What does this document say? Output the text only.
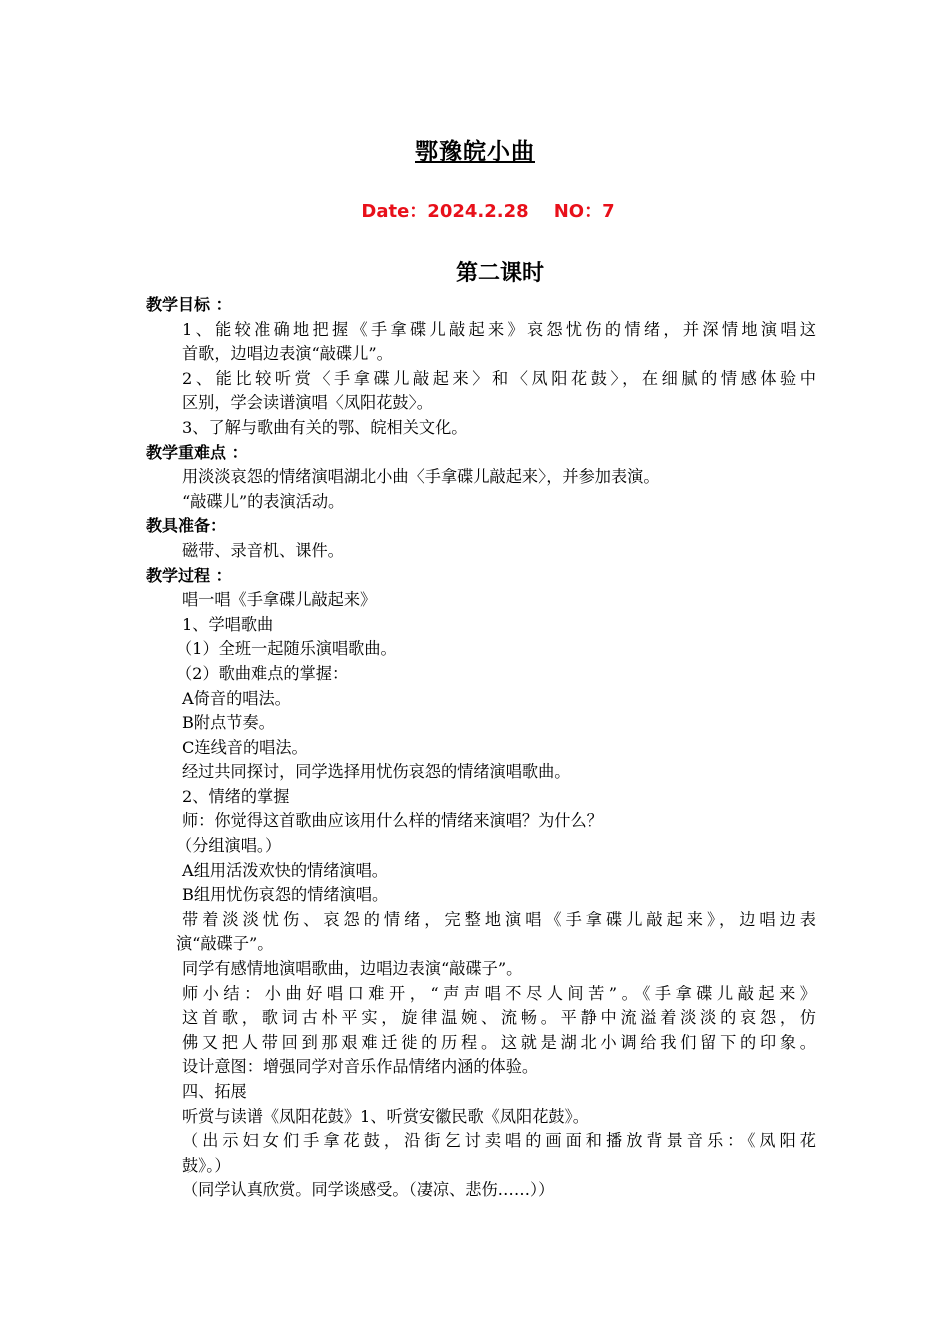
鄂豫皖小曲
Date：2024.2.28    NO：7
第二课时
教学目标 ：
1、能较准确地把握《手拿碟儿敲起来》哀怨忧伤的情绪，并深情地演唱这
首歌，边唱边表演“敲碟儿”。
2、能比较听赏〈手拿碟儿敲起来〉和〈凤阳花鼓〉，在细腻的情感体验中
区别，学会读谱演唱〈凤阳花鼓〉。
3、了解与歌曲有关的鄂、皖相关文化。
教学重难点 ：
用淡淡哀怨的情绪演唱湖北小曲〈手拿碟儿敲起来〉，并参加表演。
“敲碟儿”的表演活动。
教具准备：
磁带、录音机、课件。
教学过程 ：
唱一唱《手拿碟儿敲起来》
1、学唱歌曲
（1）全班一起随乐演唱歌曲。
（2）歌曲难点的掌握：
A倚音的唱法。
B附点节奏。
C连线音的唱法。
经过共同探讨，同学选择用忧伤哀怨的情绪演唱歌曲。
2、情绪的掌握
师：你觉得这首歌曲应该用什么样的情绪来演唱？为什么？
（分组演唱。）
A组用活泼欢快的情绪演唱。
B组用忧伤哀怨的情绪演唱。
带着淡淡忧伤、哀怨的情绪，完整地演唱《手拿碟儿敲起来》，边唱边表
演“敲碟子”。
同学有感情地演唱歌曲，边唱边表演“敲碟子”。
师小结：小曲好唱口难开，“声声唱不尽人间苦”。《手拿碟儿敲起来》
这首歌，歌词古朴平实，旋律温婉、流畅。平静中流溢着淡淡的哀怨，仿
佛又把人带回到那艰难迁徙的历程。这就是湖北小调给我们留下的印象。
设计意图：增强同学对音乐作品情绪内涵的体验。
四、拓展
听赏与读谱《凤阳花鼓》1、听赏安徽民歌《凤阳花鼓》。
（出示妇女们手拿花鼓，沿街乞讨卖唱的画面和播放背景音乐：《凤阳花
鼓》。）
（同学认真欣赏。同学谈感受。（凄凉、悲伤……））
